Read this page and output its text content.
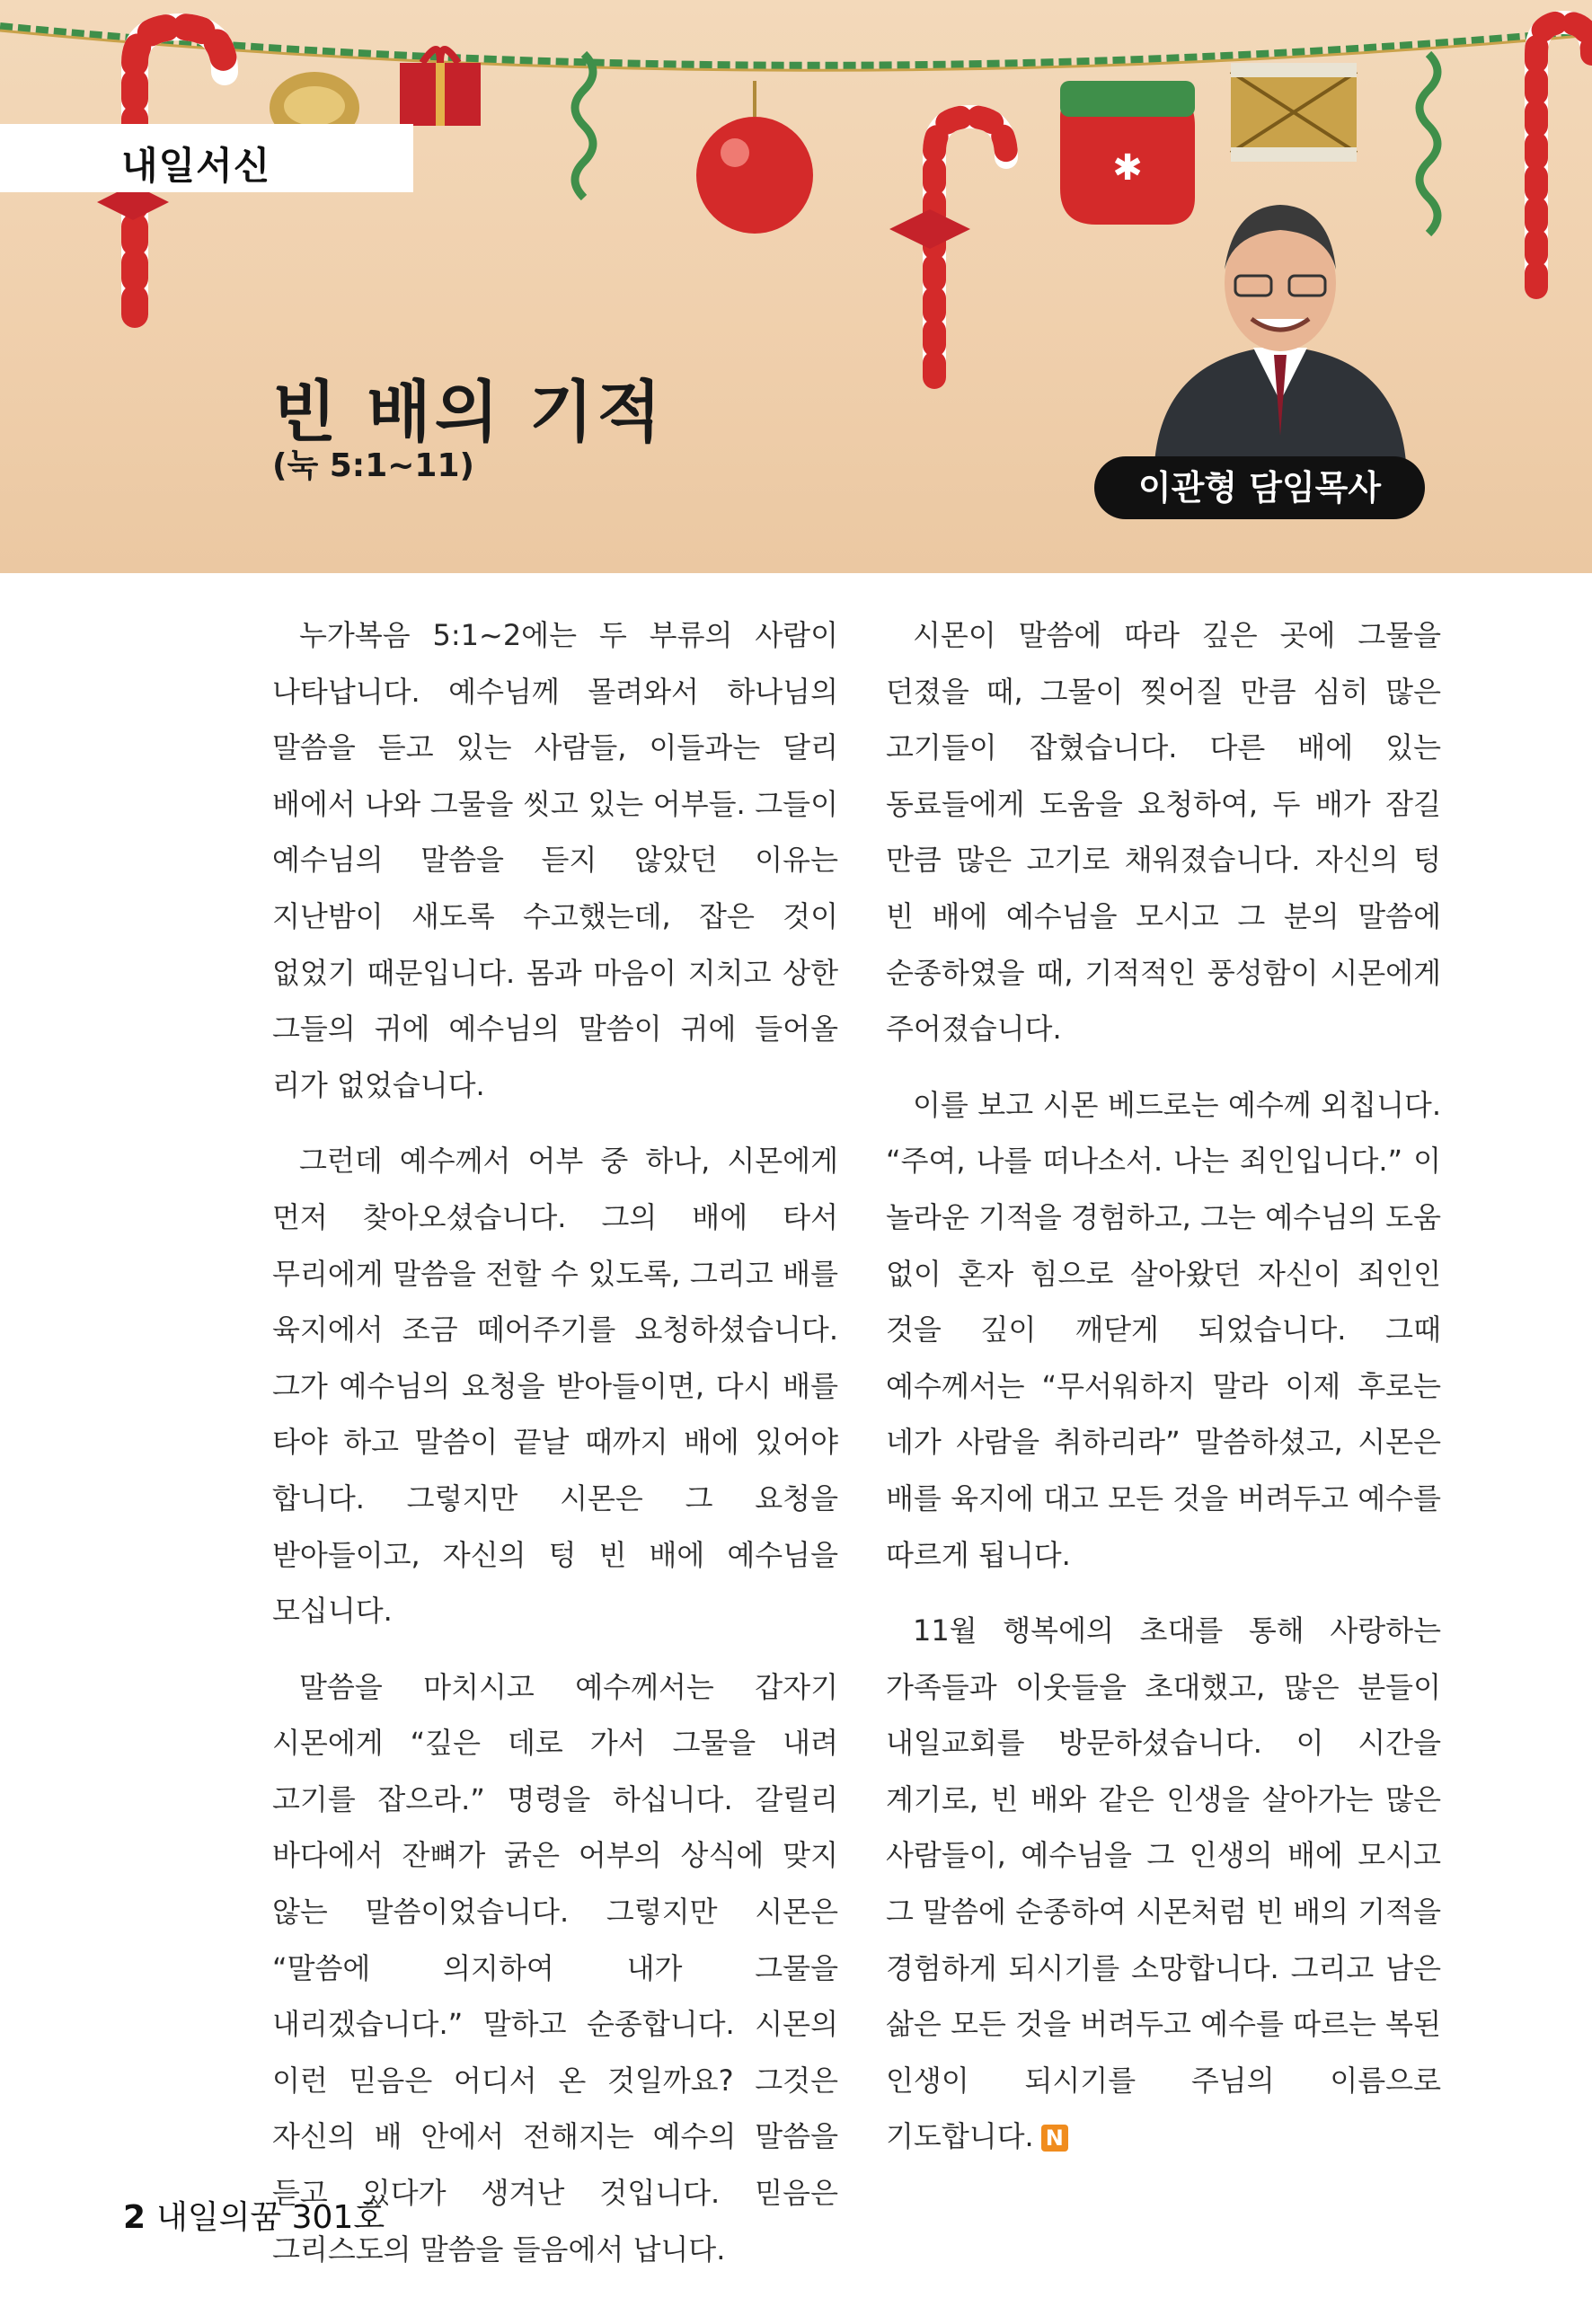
✱
내일서신
빈 배의 기적
(눅 5:1~11)
이관형 담임목사

누가복음 5:1~2에는 두 부류의 사람이 나타납니다. 예수님께 몰려와서 하나님의 말씀을 듣고 있는 사람들, 이들과는 달리 배에서 나와 그물을 씻고 있는 어부들. 그들이 예수님의 말씀을 듣지 않았던 이유는 지난밤이 새도록 수고했는데, 잡은 것이 없었기 때문입니다. 몸과 마음이 지치고 상한 그들의 귀에 예수님의 말씀이 귀에 들어올 리가 없었습니다.

그런데 예수께서 어부 중 하나, 시몬에게 먼저 찾아오셨습니다. 그의 배에 타서 무리에게 말씀을 전할 수 있도록, 그리고 배를 육지에서 조금 떼어주기를 요청하셨습니다. 그가 예수님의 요청을 받아들이면, 다시 배를 타야 하고 말씀이 끝날 때까지 배에 있어야 합니다. 그렇지만 시몬은 그 요청을 받아들이고, 자신의 텅 빈 배에 예수님을 모십니다.

말씀을 마치시고 예수께서는 갑자기 시몬에게 “깊은 데로 가서 그물을 내려 고기를 잡으라.” 명령을 하십니다. 갈릴리 바다에서 잔뼈가 굵은 어부의 상식에 맞지 않는 말씀이었습니다. 그렇지만 시몬은 “말씀에 의지하여 내가 그물을 내리겠습니다.” 말하고 순종합니다. 시몬의 이런 믿음은 어디서 온 것일까요? 그것은 자신의 배 안에서 전해지는 예수의 말씀을 듣고 있다가 생겨난 것입니다. 믿음은 그리스도의 말씀을 들음에서 납니다.

시몬이 말씀에 따라 깊은 곳에 그물을 던졌을 때, 그물이 찢어질 만큼 심히 많은 고기들이 잡혔습니다. 다른 배에 있는 동료들에게 도움을 요청하여, 두 배가 잠길 만큼 많은 고기로 채워졌습니다. 자신의 텅 빈 배에 예수님을 모시고 그 분의 말씀에 순종하였을 때, 기적적인 풍성함이 시몬에게 주어졌습니다.

이를 보고 시몬 베드로는 예수께 외칩니다. “주여, 나를 떠나소서. 나는 죄인입니다.” 이 놀라운 기적을 경험하고, 그는 예수님의 도움 없이 혼자 힘으로 살아왔던 자신이 죄인인 것을 깊이 깨닫게 되었습니다. 그때 예수께서는 “무서워하지 말라 이제 후로는 네가 사람을 취하리라” 말씀하셨고, 시몬은 배를 육지에 대고 모든 것을 버려두고 예수를 따르게 됩니다.

11월 행복에의 초대를 통해 사랑하는 가족들과 이웃들을 초대했고, 많은 분들이 내일교회를 방문하셨습니다. 이 시간을 계기로, 빈 배와 같은 인생을 살아가는 많은 사람들이, 예수님을 그 인생의 배에 모시고 그 말씀에 순종하여 시몬처럼 빈 배의 기적을 경험하게 되시기를 소망합니다. 그리고 남은 삶은 모든 것을 버려두고 예수를 따르는 복된 인생이 되시기를 주님의 이름으로 기도합니다. N

2 내일의꿈 301호
